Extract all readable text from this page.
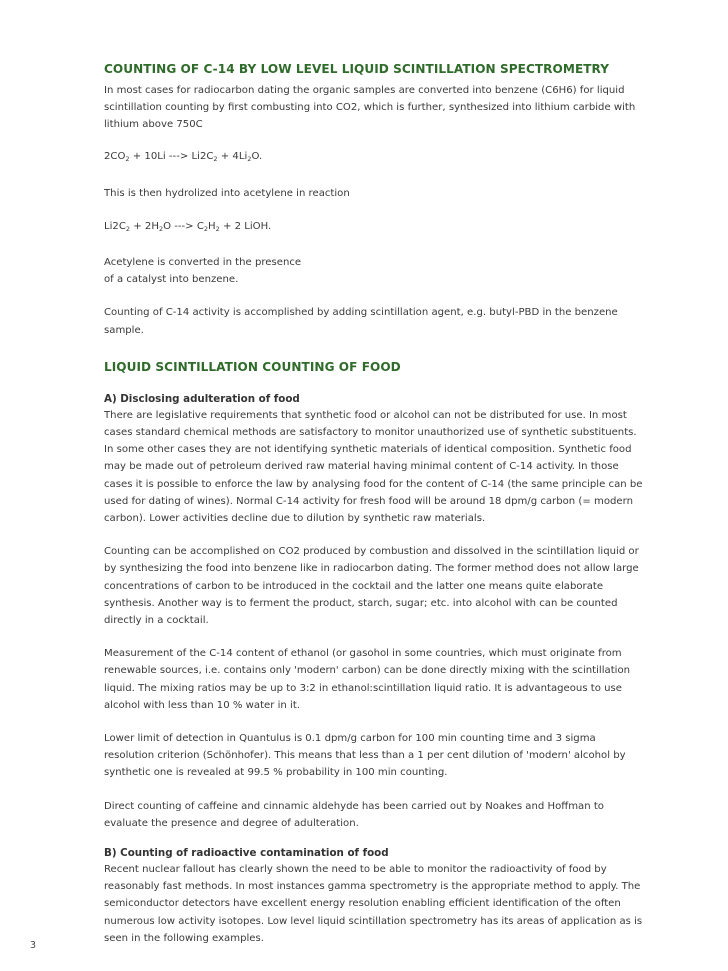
COUNTING OF C-14 BY LOW LEVEL LIQUID SCINTILLATION SPECTROMETRY

In most cases for radiocarbon dating the organic samples are converted into benzene (C6H6) for liquid scintillation counting by first combusting into CO2, which is further, synthesized into lithium carbide with lithium above 750C

$2CO_2 + 10Li$ ---> $Li2C_2 + 4Li_2O$.

This is then hydrolized into acetylene in reaction

$Li2C_2 + 2H_2O$ ---> $C_2H_2 + 2$ LiOH.

Acetylene is converted in the presence
of a catalyst into benzene.

Counting of C-14 activity is accomplished by adding scintillation agent, e.g. butyl-PBD in the benzene sample.

LIQUID SCINTILLATION COUNTING OF FOOD
A) Disclosing adulteration of food

There are legislative requirements that synthetic food or alcohol can not be distributed for use. In most cases standard chemical methods are satisfactory to monitor unauthorized use of synthetic substituents. In some other cases they are not identifying synthetic materials of identical composition. Synthetic food may be made out of petroleum derived raw material having minimal content of C-14 activity. In those cases it is possible to enforce the law by analysing food for the content of C-14 (the same principle can be used for dating of wines). Normal C-14 activity for fresh food will be around 18 dpm/g carbon (= modern carbon). Lower activities decline due to dilution by synthetic raw materials.

Counting can be accomplished on CO2 produced by combustion and dissolved in the scintillation liquid or by synthesizing the food into benzene like in radiocarbon dating. The former method does not allow large concentrations of carbon to be introduced in the cocktail and the latter one means quite elaborate synthesis. Another way is to ferment the product, starch, sugar; etc. into alcohol with can be counted directly in a cocktail.

Measurement of the C-14 content of ethanol (or gasohol in some countries, which must originate from renewable sources, i.e. contains only 'modern' carbon) can be done directly mixing with the scintillation liquid. The mixing ratios may be up to 3:2 in ethanol:scintillation liquid ratio. It is advantageous to use alcohol with less than 10 % water in it.

Lower limit of detection in Quantulus is 0.1 dpm/g carbon for 100 min counting time and 3 sigma resolution criterion (Schönhofer). This means that less than a 1 per cent dilution of 'modern' alcohol by synthetic one is revealed at 99.5 % probability in 100 min counting.

Direct counting of caffeine and cinnamic aldehyde has been carried out by Noakes and Hoffman to evaluate the presence and degree of adulteration.

B) Counting of radioactive contamination of food

Recent nuclear fallout has clearly shown the need to be able to monitor the radioactivity of food by reasonably fast methods. In most instances gamma spectrometry is the appropriate method to apply. The semiconductor detectors have excellent energy resolution enabling efficient identification of the often numerous low activity isotopes. Low level liquid scintillation spectrometry has its areas of application as is seen in the following examples.

3
